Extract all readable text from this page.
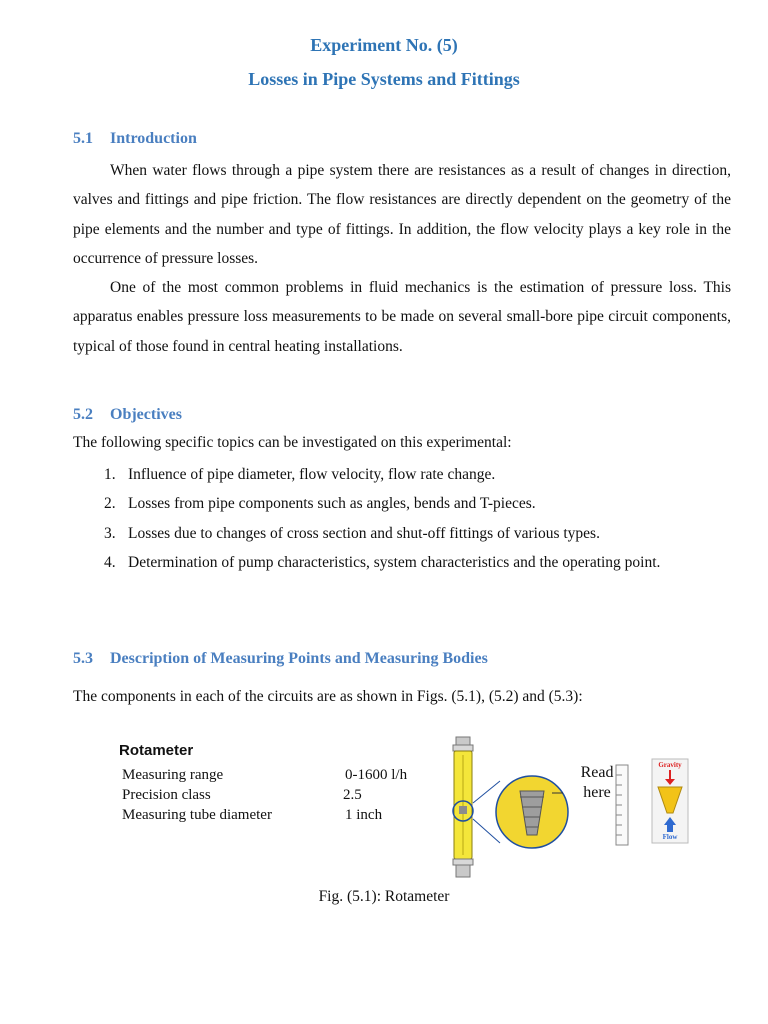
Experiment No. (5)
Losses in Pipe Systems and Fittings
5.1 Introduction

When water flows through a pipe system there are resistances as a result of changes in direction, valves and fittings and pipe friction. The flow resistances are directly dependent on the geometry of the pipe elements and the number and type of fittings. In addition, the flow velocity plays a key role in the occurrence of pressure losses.

One of the most common problems in fluid mechanics is the estimation of pressure loss. This apparatus enables pressure loss measurements to be made on several small-bore pipe circuit components, typical of those found in central heating installations.

5.2 Objectives
The following specific topics can be investigated on this experimental:
1. Influence of pipe diameter, flow velocity, flow rate change.
2. Losses from pipe components such as angles, bends and T-pieces.
3. Losses due to changes of cross section and shut-off fittings of various types.
4. Determination of pump characteristics, system characteristics and the operating point.
5.3 Description of Measuring Points and Measuring Bodies
The components in each of the circuits are as shown in Figs. (5.1), (5.2) and (5.3):
Rotameter
Measuring range	0-1600 l/h
Precision class	2.5
Measuring tube diameter	1 inch
Read
here
Gravity
Flow
Fig. (5.1): Rotameter
